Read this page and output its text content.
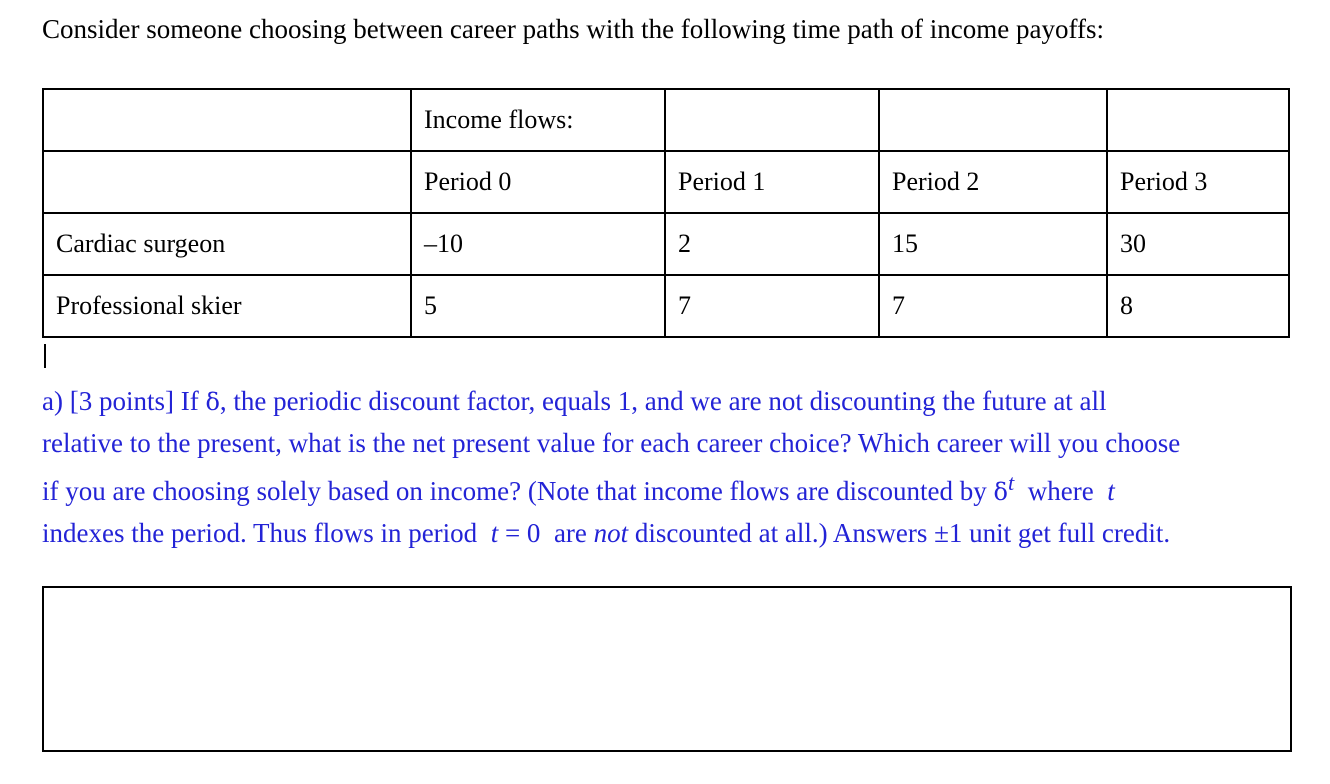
Consider someone choosing between career paths with the following time path of income payoffs:
	Income flows:			
	Period 0	Period 1	Period 2	Period 3
Cardiac surgeon	–10	2	15	30
Professional skier	5	7	7	8
a) [3 points] If δ, the periodic discount factor, equals 1, and we are not discounting the future at all
relative to the present, what is the net present value for each career choice? Which career will you choose
if you are choosing solely based on income? (Note that income flows are discounted by $\delta^t$ where t
indexes the period. Thus flows in period t = 0 are not discounted at all.) Answers ±1 unit get full credit.
